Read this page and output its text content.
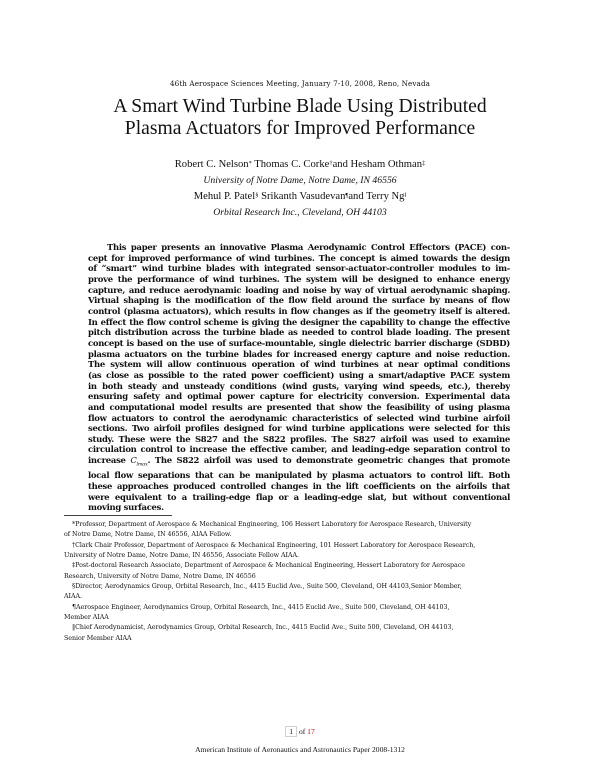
46th Aerospace Sciences Meeting, January 7-10, 2008, Reno, Nevada
A Smart Wind Turbine Blade Using Distributed
Plasma Actuators for Improved Performance
Robert C. Nelson* Thomas C. Corke†and Hesham Othman‡
University of Notre Dame, Notre Dame, IN 46556
Mehul P. Patel§ Srikanth Vasudevan¶and Terry Ng‖
Orbital Research Inc., Cleveland, OH 44103
This paper presents an innovative Plasma Aerodynamic Control Effectors (PACE) con-
cept for improved performance of wind turbines. The concept is aimed towards the design
of “smart” wind turbine blades with integrated sensor-actuator-controller modules to im-
prove the performance of wind turbines. The system will be designed to enhance energy
capture, and reduce aerodynamic loading and noise by way of virtual aerodynamic shaping.
Virtual shaping is the modification of the flow field around the surface by means of flow
control (plasma actuators), which results in flow changes as if the geometry itself is altered.
In effect the flow control scheme is giving the designer the capability to change the effective
pitch distribution across the turbine blade as needed to control blade loading. The present
concept is based on the use of surface-mountable, single dielectric barrier discharge (SDBD)
plasma actuators on the turbine blades for increased energy capture and noise reduction.
The system will allow continuous operation of wind turbines at near optimal conditions
(as close as possible to the rated power coefficient) using a smart/adaptive PACE system
in both steady and unsteady conditions (wind gusts, varying wind speeds, etc.), thereby
ensuring safety and optimal power capture for electricity conversion. Experimental data
and computational model results are presented that show the feasibility of using plasma
flow actuators to control the aerodynamic characteristics of selected wind turbine airfoil
sections. Two airfoil profiles designed for wind turbine applications were selected for this
study. These were the S827 and the S822 profiles. The S827 airfoil was used to examine
circulation control to increase the effective camber, and leading-edge separation control to
increase $C_{lmax}$. The S822 airfoil was used to demonstrate geometric changes that promote
local flow separations that can be manipulated by plasma actuators to control lift. Both
these approaches produced controlled changes in the lift coefficients on the airfoils that
were equivalent to a trailing-edge flap or a leading-edge slat, but without conventional
moving surfaces.
*Professor, Department of Aerospace & Mechanical Engineering, 106 Hessert Laboratory for Aerospace Research, University
of Notre Dame, Notre Dame, IN 46556, AIAA Fellow.
†Clark Chair Professor, Department of Aerospace & Mechanical Engineering, 101 Hessert Laboratory for Aerospace Research,
University of Notre Dame, Notre Dame, IN 46556, Associate Fellow AIAA.
‡Post-doctoral Research Associate, Department of Aerospace & Mechanical Engineering, Hessert Laboratory for Aerospace
Research, University of Notre Dame, Notre Dame, IN 46556
§Director, Aerodynamics Group, Orbital Research, Inc., 4415 Euclid Ave., Suite 500, Cleveland, OH 44103,Senior Member,
AIAA.
¶Aerospace Engineer, Aerodynamics Group, Orbital Research, Inc., 4415 Euclid Ave., Suite 500, Cleveland, OH 44103,
Member AIAA
‖Chief Aerodynamicist, Aerodynamics Group, Orbital Research, Inc., 4415 Euclid Ave., Suite 500, Cleveland, OH 44103,
Senior Member AIAA
1 of 17
American Institute of Aeronautics and Astronautics Paper 2008-1312
